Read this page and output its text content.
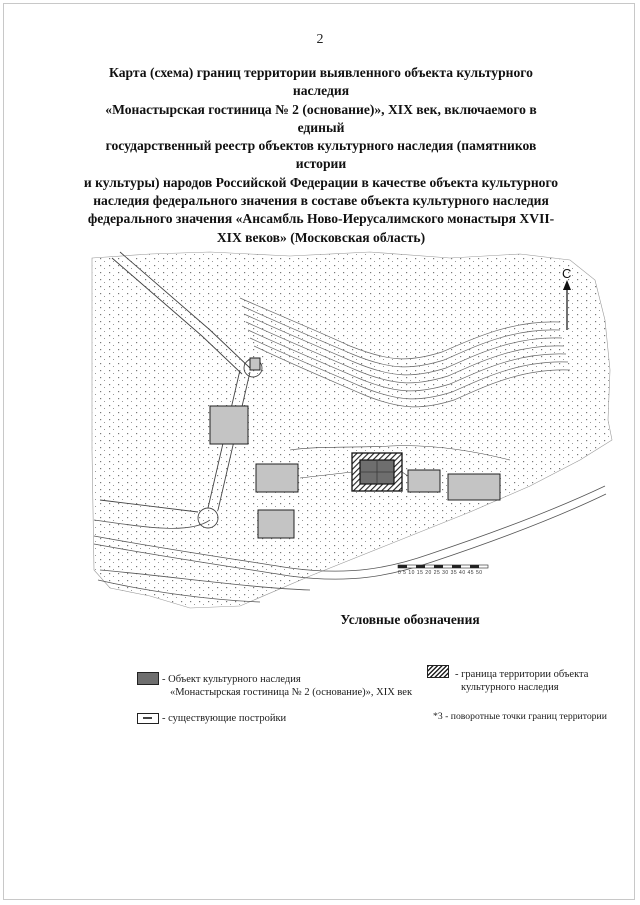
2
Карта (схема) границ территории выявленного объекта культурного наследия
«Монастырская гостиница № 2 (основание)», XIX век, включаемого в единый
государственный реестр объектов культурного наследия (памятников истории
и культуры) народов Российской Федерации в качестве объекта культурного
наследия федерального значения в составе объекта культурного наследия
федерального значения «Ансамбль Ново-Иерусалимского монастыря XVII-
XIX веков» (Московская область)
С
0 5 10 15 20 25 30 35 40 45 50
Условные обозначения
- Объект культурного наследия
«Монастырская гостиница № 2 (основание)», XIX век
- граница территории объекта
культурного наследия
- существующие постройки	*3 - поворотные точки границ территории
